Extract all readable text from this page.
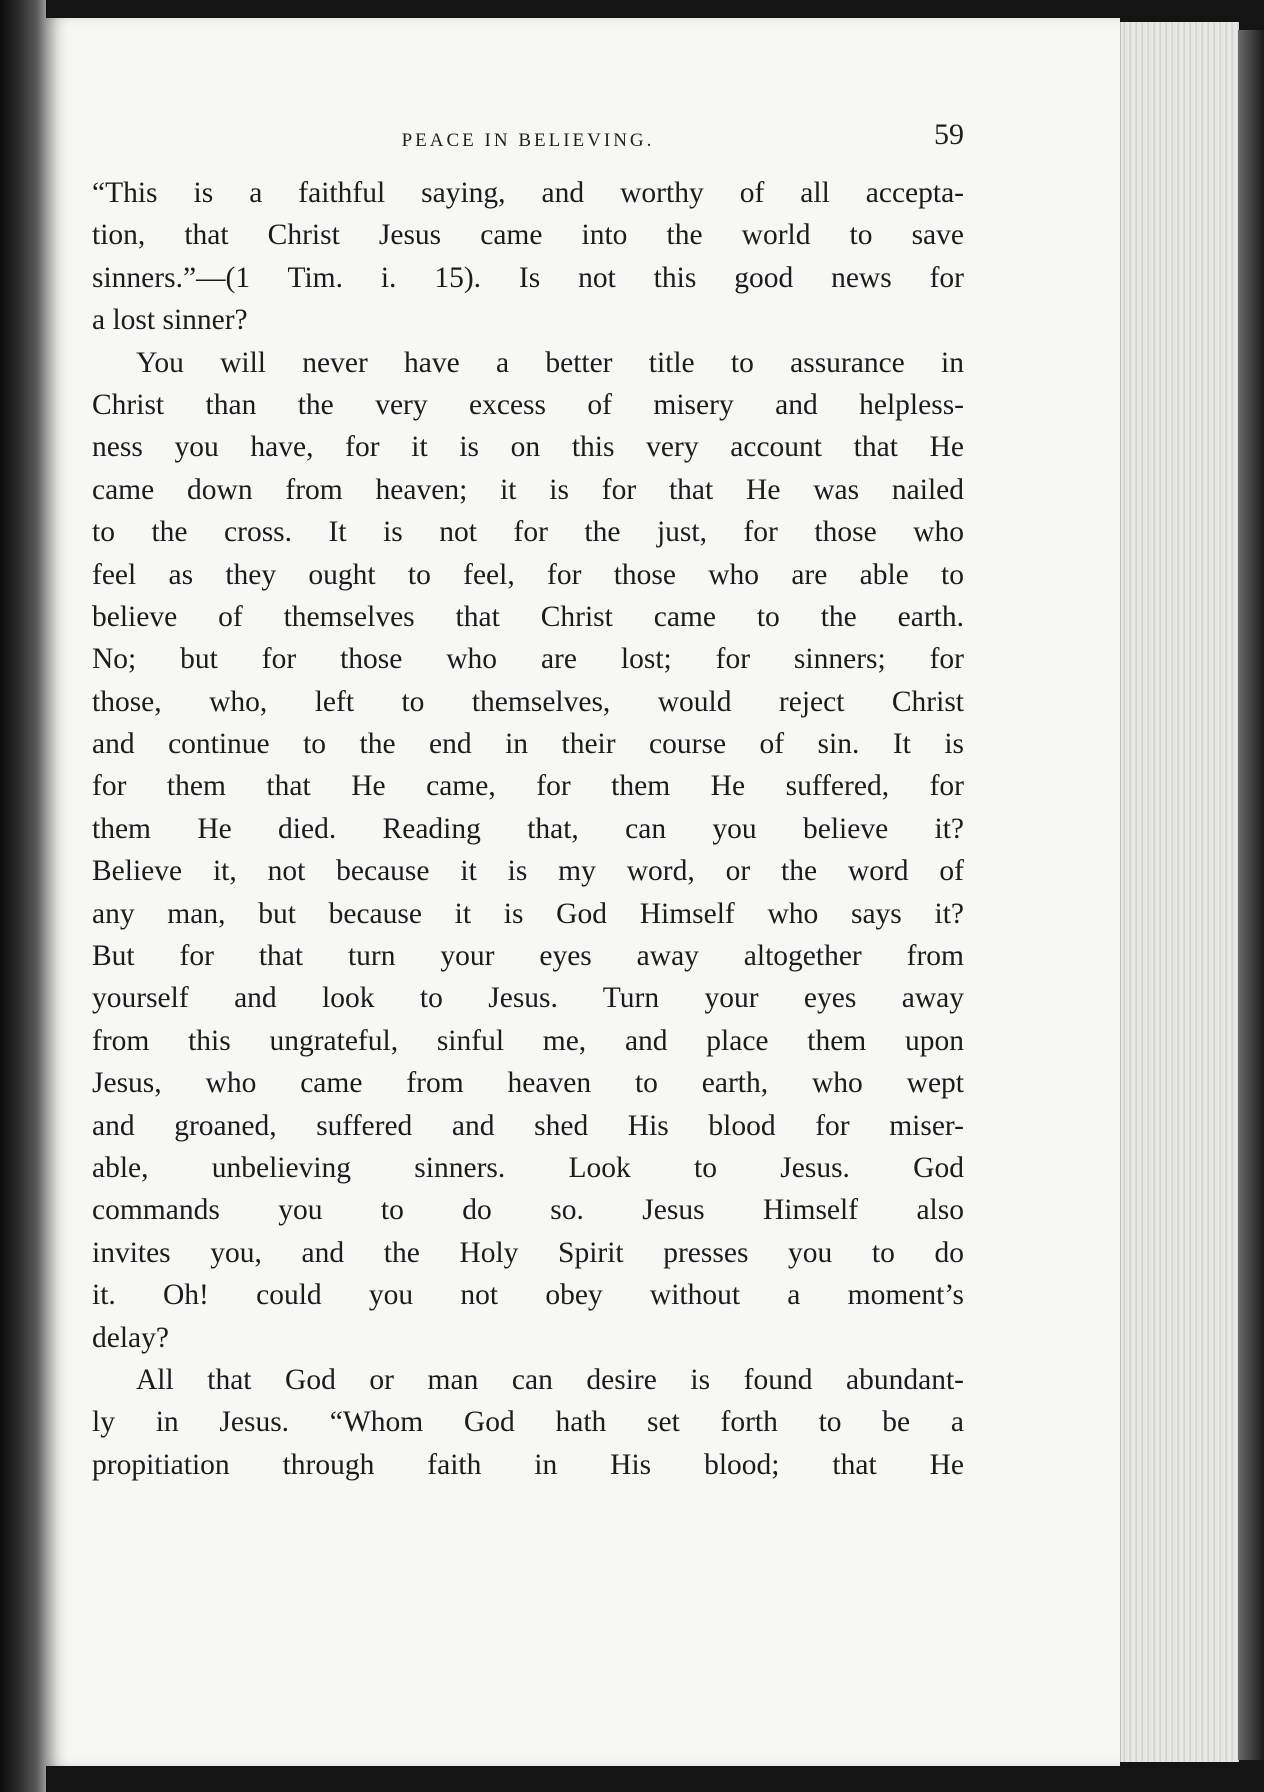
PEACE IN BELIEVING.	59
“This is a faithful saying, and worthy of all accepta-
tion, that Christ Jesus came into the world to save
sinners.”—(1 Tim. i. 15). Is not this good news for
a lost sinner?
You will never have a better title to assurance in
Christ than the very excess of misery and helpless-
ness you have, for it is on this very account that He
came down from heaven; it is for that He was nailed
to the cross. It is not for the just, for those who
feel as they ought to feel, for those who are able to
believe of themselves that Christ came to the earth.
No; but for those who are lost; for sinners; for
those, who, left to themselves, would reject Christ
and continue to the end in their course of sin. It is
for them that He came, for them He suffered, for
them He died. Reading that, can you believe it?
Believe it, not because it is my word, or the word of
any man, but because it is God Himself who says it?
But for that turn your eyes away altogether from
yourself and look to Jesus. Turn your eyes away
from this ungrateful, sinful me, and place them upon
Jesus, who came from heaven to earth, who wept
and groaned, suffered and shed His blood for miser-
able, unbelieving sinners. Look to Jesus. God
commands you to do so. Jesus Himself also
invites you, and the Holy Spirit presses you to do
it. Oh! could you not obey without a moment’s
delay?
All that God or man can desire is found abundant-
ly in Jesus. “Whom God hath set forth to be a
propitiation through faith in His blood; that He
